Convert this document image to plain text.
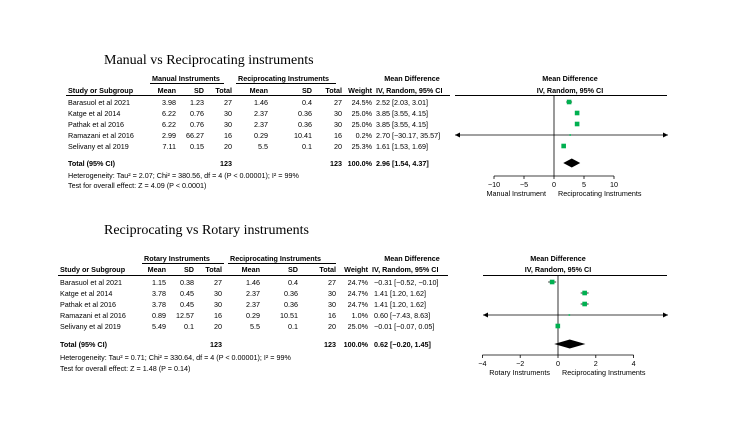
Manual vs Reciprocating instruments
Manual Instruments	Reciprocating Instruments	Mean Difference
Study or Subgroup	Mean	SD	Total	Mean	SD	Total Weight IV, Random, 95% CI
Mean Difference
IV, Random, 95% CI
Barasuol et al 2021	3.98	1.23	27	1.46	0.4	27	24.5% 2.52 [2.03, 3.01]
Katge et al 2014	6.22	0.76	30	2.37	0.36	30	25.0% 3.85 [3.55, 4.15]
Pathak et al 2016	6.22	0.76	30	2.37	0.36	30	25.0% 3.85 [3.55, 4.15]
Ramazani et al 2016	2.99	66.27	16	0.29	10.41	16	0.2% 2.70 [−30.17, 35.57]
Selivany et al 2019	7.11	0.15	20	5.5	0.1	20	25.3% 1.61 [1.53, 1.69]
Total (95% CI)	123	123 100.0% 2.96 [1.54, 4.37]
Heterogeneity: Tau² = 2.07; Chi² = 380.56, df = 4 (P < 0.00001); I² = 99%
Test for overall effect: Z = 4.09 (P < 0.0001)	−10	−5	0	5	10
Manual Instrument Reciprocating Instruments
Reciprocating vs Rotary instruments
Rotary Instruments	Reciprocating Instruments	Mean Difference
Study or Subgroup	Mean	SD	Total	Mean	SD	Total	Weight IV, Random, 95% CI
Mean Difference
IV, Random, 95% CI
Barasuol et al 2021	1.15	0.38	27	1.46	0.4	27	24.7% −0.31 [−0.52, −0.10]
Katge et al 2014	3.78	0.45	30	2.37	0.36	30	24.7% 1.41 [1.20, 1.62]
Pathak et al 2016	3.78	0.45	30	2.37	0.36	30	24.7% 1.41 [1.20, 1.62]
Ramazani et al 2016	0.89	12.57	16	0.29	10.51	16	1.0% 0.60 [−7.43, 8.63]
Selivany et al 2019	5.49	0.1	20	5.5	0.1	20	25.0% −0.01 [−0.07, 0.05]
Total (95% CI)	123	123	100.0% 0.62 [−0.20, 1.45]
Heterogeneity: Tau² = 0.71; Chi² = 330.64, df = 4 (P < 0.00001); I² = 99%
Test for overall effect: Z = 1.48 (P = 0.14)
−4	−2	0	2	4
Rotary Instruments Reciprocating Instruments
